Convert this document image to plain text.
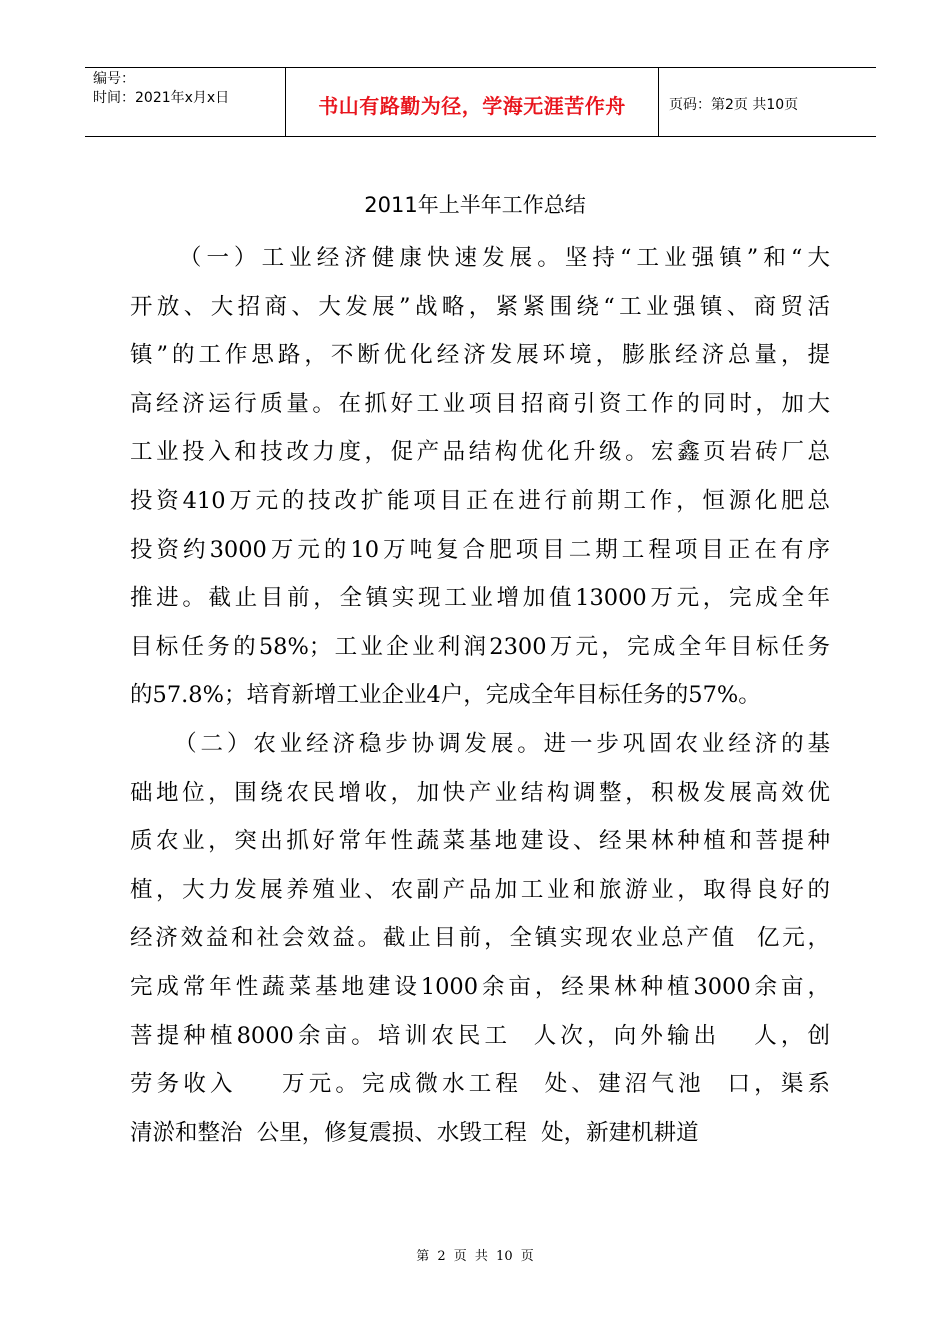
编号：
时间：2021年x月x日	书山有路勤为径，学海无涯苦作舟	页码：第2页 共10页
2011年上半年工作总结
（一）工业经济健康快速发展。坚持“工业强镇”和“大
开放、大招商、大发展”战略，紧紧围绕“工业强镇、商贸活
镇”的工作思路，不断优化经济发展环境，膨胀经济总量，提
高经济运行质量。在抓好工业项目招商引资工作的同时，加大
工业投入和技改力度，促产品结构优化升级。宏鑫页岩砖厂总
投资410万元的技改扩能项目正在进行前期工作，恒源化肥总
投资约3000万元的10万吨复合肥项目二期工程项目正在有序
推进。截止目前，全镇实现工业增加值13000万元，完成全年
目标任务的58%；工业企业利润2300万元，完成全年目标任务
的57.8%；培育新增工业企业4户，完成全年目标任务的57%。
（二）农业经济稳步协调发展。进一步巩固农业经济的基
础地位，围绕农民增收，加快产业结构调整，积极发展高效优
质农业，突出抓好常年性蔬菜基地建设、经果林种植和菩提种
植，大力发展养殖业、农副产品加工业和旅游业，取得良好的
经济效益和社会效益。截止目前，全镇实现农业总产值  亿元，
完成常年性蔬菜基地建设1000余亩，经果林种植3000余亩，
菩提种植8000余亩。培训农民工  人次，向外输出   人，创
劳务收入    万元。完成微水工程  处、建沼气池  口，渠系
清淤和整治  公里，修复震损、水毁工程  处，新建机耕道
第 2 页 共 10 页
